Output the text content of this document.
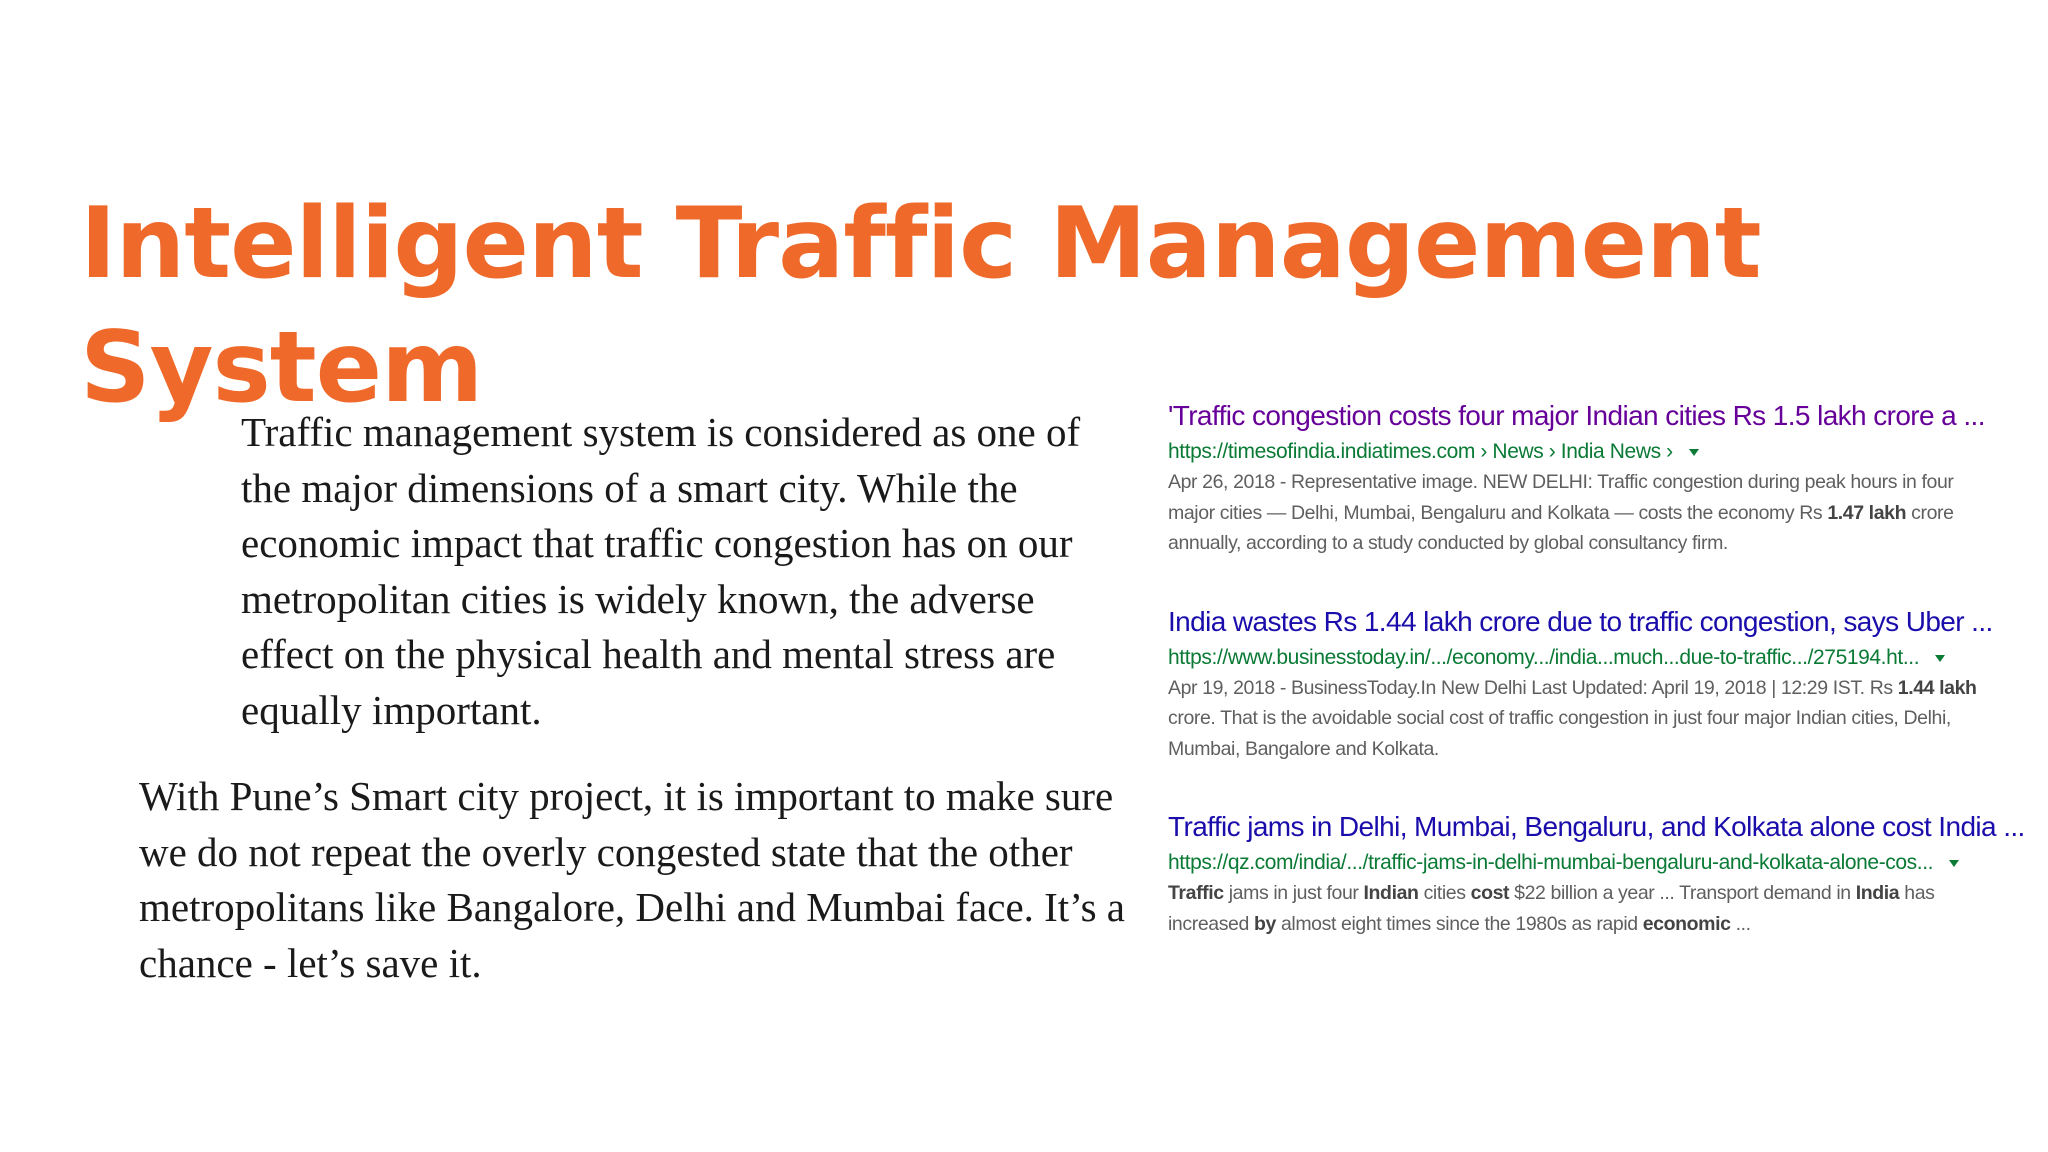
Intelligent Traffic Management System

Traffic management system is considered as one of the major dimensions of a smart city. While the economic impact that traffic congestion has on our metropolitan cities is widely known, the adverse effect on the physical health and mental stress are equally important.

With Pune’s Smart city project, it is important to make sure we do not repeat the overly congested state that the other metropolitans like Bangalore, Delhi and Mumbai face. It’s a chance - let’s save it.

'Traffic congestion costs four major Indian cities Rs 1.5 lakh crore a ...
https://timesofindia.indiatimes.com › News › India News ›
Apr 26, 2018 - Representative image. NEW DELHI: Traffic congestion during peak hours in four major cities — Delhi, Mumbai, Bengaluru and Kolkata — costs the economy Rs 1.47 lakh crore annually, according to a study conducted by global consultancy firm.
India wastes Rs 1.44 lakh crore due to traffic congestion, says Uber ...
https://www.businesstoday.in/.../economy.../india...much...due-to-traffic.../275194.ht...
Apr 19, 2018 - BusinessToday.In New Delhi Last Updated: April 19, 2018 | 12:29 IST. Rs 1.44 lakh crore. That is the avoidable social cost of traffic congestion in just four major Indian cities, Delhi, Mumbai, Bangalore and Kolkata.
Traffic jams in Delhi, Mumbai, Bengaluru, and Kolkata alone cost India ...
https://qz.com/india/.../traffic-jams-in-delhi-mumbai-bengaluru-and-kolkata-alone-cos...
Traffic jams in just four Indian cities cost $22 billion a year ... Transport demand in India has increased by almost eight times since the 1980s as rapid economic ...
